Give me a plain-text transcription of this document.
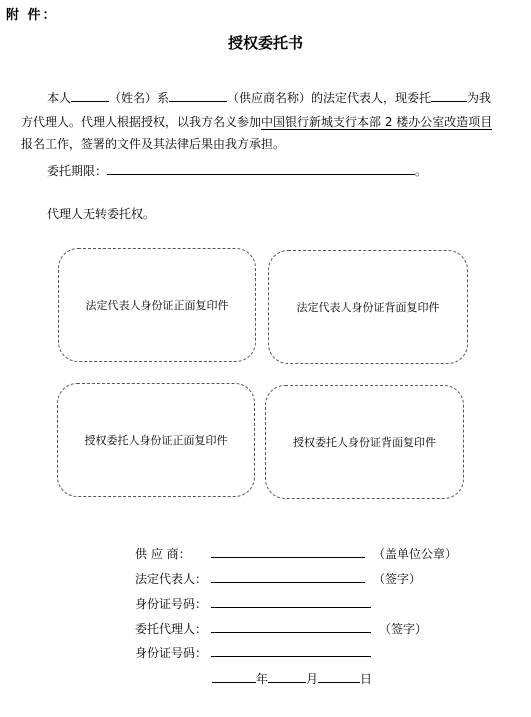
附 件：
授权委托书
本人	（姓名）系	（供应商名称）的法定代表人，现委托	为我
方代理人。代理人根据授权，以我方名义参加中国银行新城支行本部 2 楼办公室改造项目
报名工作，签署的文件及其法律后果由我方承担。
委托期限：	。
代理人无转委托权。
法定代表人身份证正面复印件	法定代表人身份证背面复印件
授权委托人身份证正面复印件	授权委托人身份证背面复印件
供 应 商：	（盖单位公章）
法定代表人：	（签字）
身份证号码：
委托代理人：	（签字）
身份证号码：
年	月	日
